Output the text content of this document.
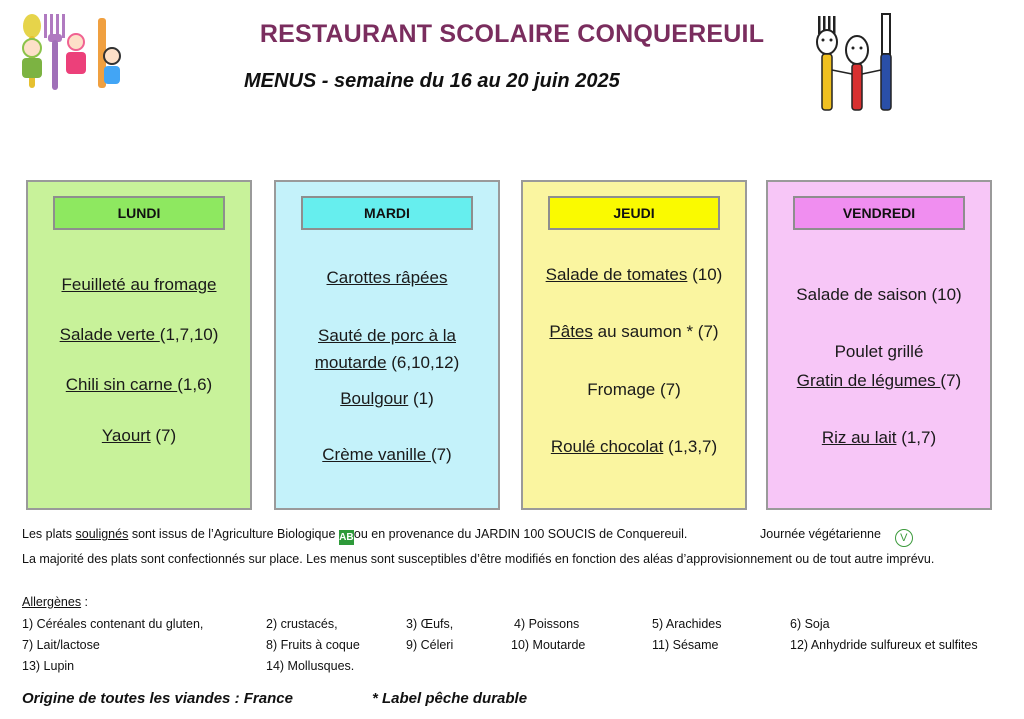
RESTAURANT SCOLAIRE CONQUEREUIL
MENUS - semaine du 16 au 20 juin 2025
LUNDI
Feuilleté au fromage
Salade verte (1,7,10)
Chili sin carne (1,6)
Yaourt (7)
MARDI
Carottes râpées
Sauté de porc à la
moutarde (6,10,12)
Boulgour (1)
Crème vanille (7)
JEUDI
Salade de tomates (10)
Pâtes au saumon * (7)
Fromage (7)
Roulé chocolat (1,3,7)
VENDREDI
Salade de saison (10)
Poulet grillé
Gratin de légumes (7)
Riz au lait (1,7)
Les plats soulignés sont issus de l’Agriculture Biologique ABou en provenance du JARDIN 100 SOUCIS de Conquereuil.	Journée végétarienne V
La majorité des plats sont confectionnés sur place. Les menus sont susceptibles d’être modifiés en fonction des aléas d’approvisionnement ou de tout autre imprévu.
Allergènes :
1) Céréales contenant du gluten,	2) crustacés,	3) Œufs,	4) Poissons	5) Arachides	6) Soja
7) Lait/lactose	8) Fruits à coque	9) Céleri	10) Moutarde	11) Sésame	12) Anhydride sulfureux et sulfites
13) Lupin	14) Mollusques.
Origine de toutes les viandes : France	* Label pêche durable
